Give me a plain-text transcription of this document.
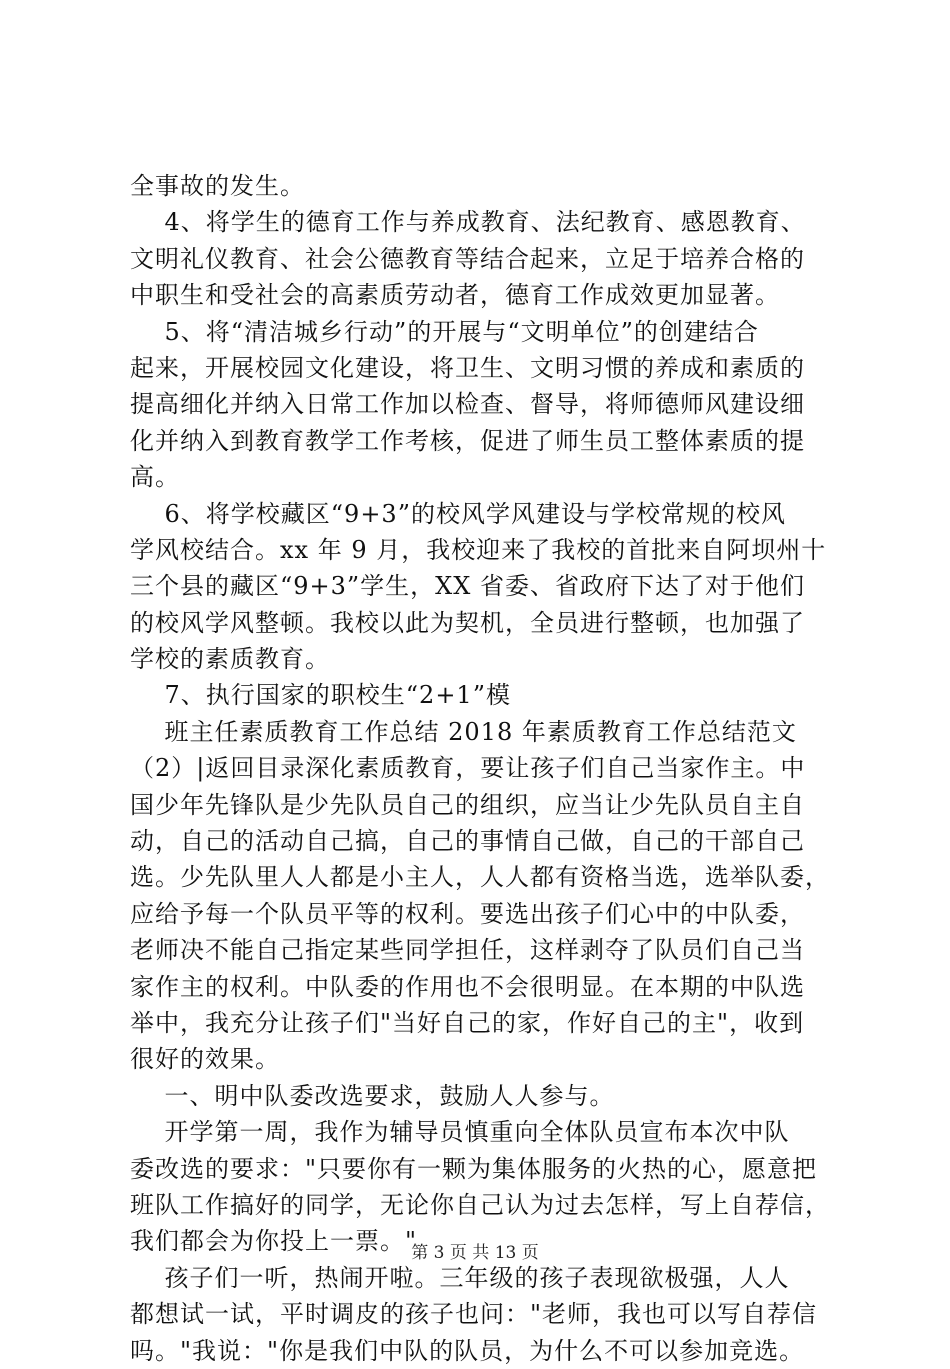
全事故的发生。
4、将学生的德育工作与养成教育、法纪教育、感恩教育、
文明礼仪教育、社会公德教育等结合起来，立足于培养合格的
中职生和受社会的高素质劳动者，德育工作成效更加显著。
5、将“清洁城乡行动”的开展与“文明单位”的创建结合
起来，开展校园文化建设，将卫生、文明习惯的养成和素质的
提高细化并纳入日常工作加以检查、督导，将师德师风建设细
化并纳入到教育教学工作考核，促进了师生员工整体素质的提
高。
6、将学校藏区“9+3”的校风学风建设与学校常规的校风
学风校结合。xx 年 9 月，我校迎来了我校的首批来自阿坝州十
三个县的藏区“9+3”学生，XX 省委、省政府下达了对于他们
的校风学风整顿。我校以此为契机，全员进行整顿，也加强了
学校的素质教育。
7、执行国家的职校生“2+1”模
班主任素质教育工作总结 2018 年素质教育工作总结范文
（2）|返回目录深化素质教育，要让孩子们自己当家作主。中
国少年先锋队是少先队员自己的组织，应当让少先队员自主自
动，自己的活动自己搞，自己的事情自己做，自己的干部自己
选。少先队里人人都是小主人，人人都有资格当选，选举队委，
应给予每一个队员平等的权利。要选出孩子们心中的中队委，
老师决不能自己指定某些同学担任，这样剥夺了队员们自己当
家作主的权利。中队委的作用也不会很明显。在本期的中队选
举中，我充分让孩子们"当好自己的家，作好自己的主"，收到
很好的效果。
一、明中队委改选要求，鼓励人人参与。
开学第一周，我作为辅导员慎重向全体队员宣布本次中队
委改选的要求："只要你有一颗为集体服务的火热的心，愿意把
班队工作搞好的同学，无论你自己认为过去怎样，写上自荐信，
我们都会为你投上一票。"
孩子们一听，热闹开啦。三年级的孩子表现欲极强，人人
都想试一试，平时调皮的孩子也问："老师，我也可以写自荐信
吗。"我说："你是我们中队的队员，为什么不可以参加竞选。
第 3 页 共 13 页
